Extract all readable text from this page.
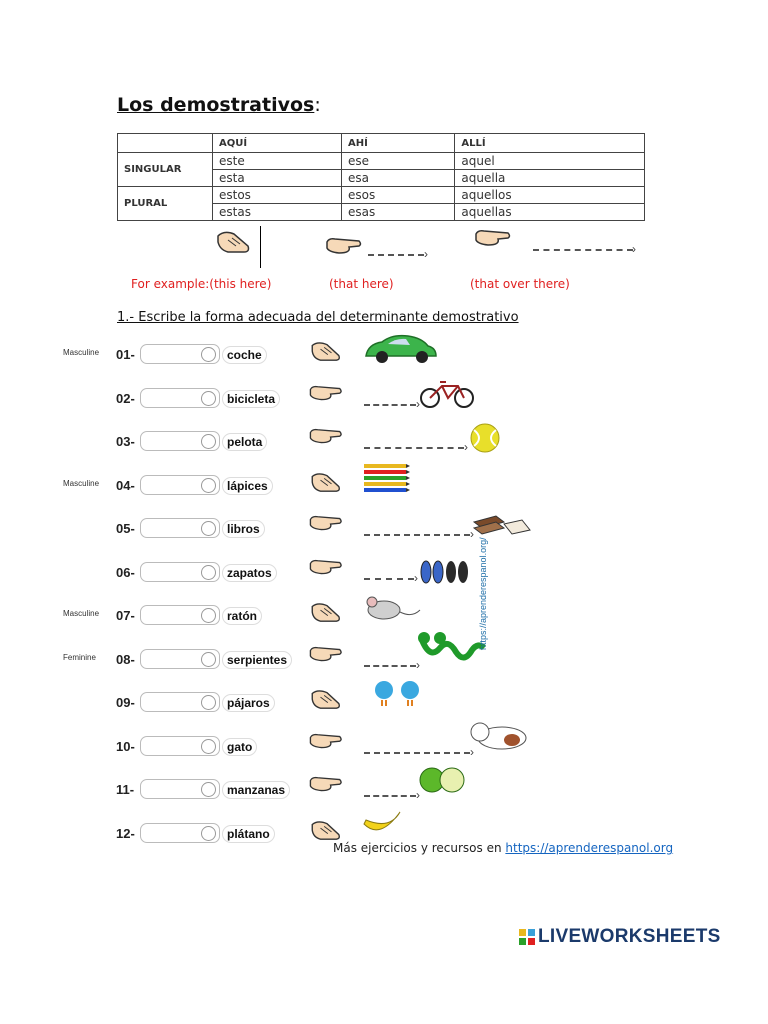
Los demostrativos:
	AQUÍ	AHÍ	ALLÍ
SINGULAR	este	ese	aquel
	esta	esa	aquella
PLURAL	estos	esos	aquellos
	estas	esas	aquellas
›	›
For example:(this here)	(that here)	(that over there)
1.- Escribe la forma adecuada del determinante demostrativo
Masculine 01-	coche
02-	bicicleta	›
03-	pelota	›
Masculine 04-	lápices
05-	libros	›
06-	zapatos	›
Masculine 07-	ratón
Feminine 08-	serpientes	›
09-	pájaros
10-	gato	›
11-	manzanas	›
12-	plátano
https://aprenderespanol.org/
Más ejercicios y recursos en https://aprenderespanol.org
LIVEWORKSHEETS
